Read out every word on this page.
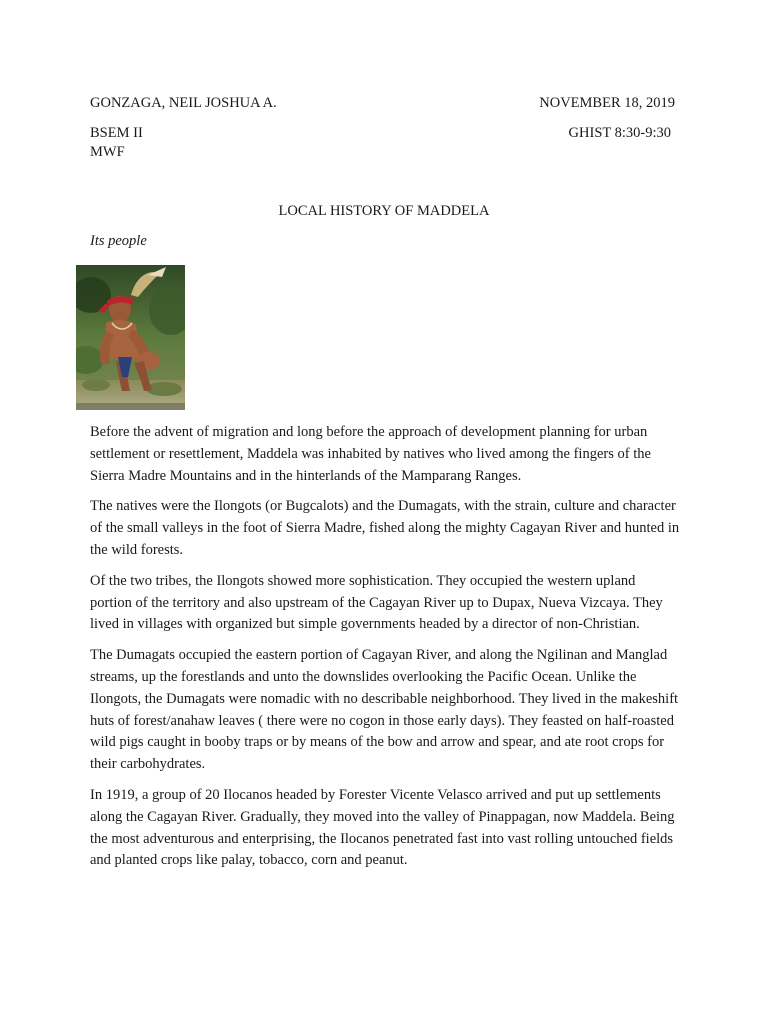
GONZAGA, NEIL JOSHUA A.	NOVEMBER 18, 2019
BSEM II	GHIST 8:30-9:30
MWF
LOCAL HISTORY OF MADDELA
Its people

Before the advent of migration and long before the approach of development planning for urban settlement or resettlement, Maddela was inhabited by natives who lived among the fingers of the Sierra Madre Mountains and in the hinterlands of the Mamparang Ranges.

The natives were the Ilongots (or Bugcalots) and the Dumagats, with the strain, culture and character of the small valleys in the foot of Sierra Madre, fished along the mighty Cagayan River and hunted in the wild forests.

Of the two tribes, the Ilongots showed more sophistication. They occupied the western upland portion of the territory and also upstream of the Cagayan River up to Dupax, Nueva Vizcaya. They lived in villages with organized but simple governments headed by a director of non-Christian.

The Dumagats occupied the eastern portion of Cagayan River, and along the Ngilinan and Manglad streams, up the forestlands and unto the downslides overlooking the Pacific Ocean. Unlike the Ilongots, the Dumagats were nomadic with no describable neighborhood. They lived in the makeshift huts of forest/anahaw leaves ( there were no cogon in those early days). They feasted on half-roasted wild pigs caught in booby traps or by means of the bow and arrow and spear, and ate root crops for their carbohydrates.

In 1919, a group of 20 Ilocanos headed by Forester Vicente Velasco arrived and put up settlements along the Cagayan River. Gradually, they moved into the valley of Pinappagan, now Maddela. Being the most adventurous and enterprising, the Ilocanos penetrated fast into vast rolling untouched fields and planted crops like palay, tobacco, corn and peanut.
